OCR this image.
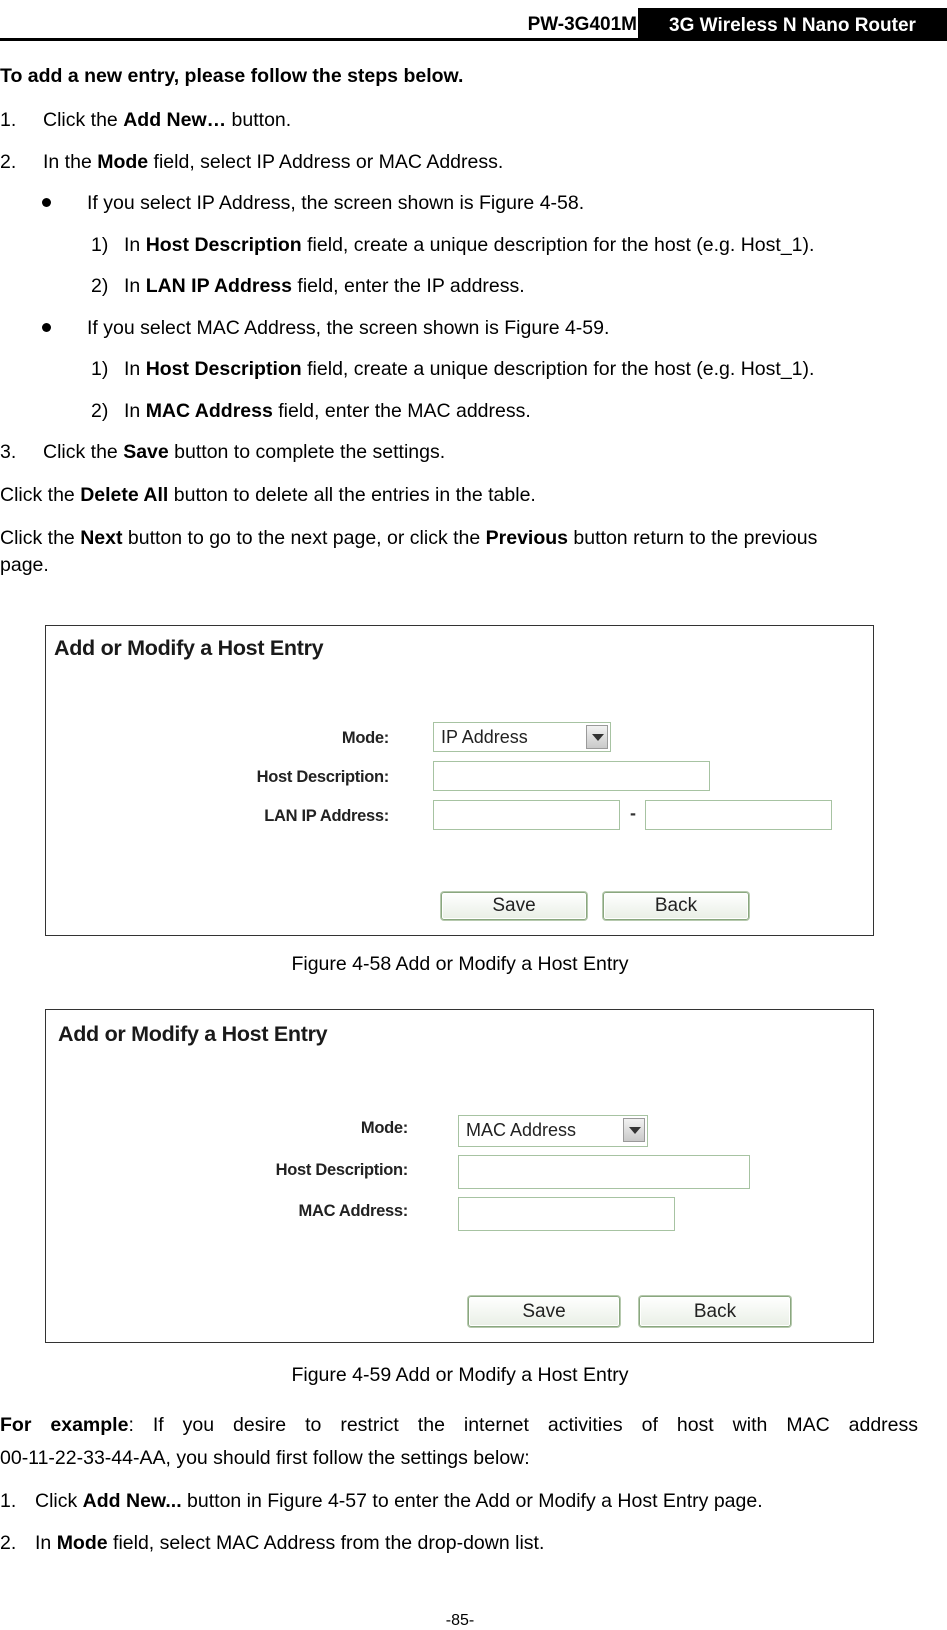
PW-3G401M	3G Wireless N Nano Router
To add a new entry, please follow the steps below.
1. Click the Add New… button.
2. In the Mode field, select IP Address or MAC Address.
If you select IP Address, the screen shown is Figure 4-58.
1) In Host Description field, create a unique description for the host (e.g. Host_1).
2) In LAN IP Address field, enter the IP address.
If you select MAC Address, the screen shown is Figure 4-59.
1) In Host Description field, create a unique description for the host (e.g. Host_1).
2) In MAC Address field, enter the MAC address.
3. Click the Save button to complete the settings.
Click the Delete All button to delete all the entries in the table.
Click the Next button to go to the next page, or click the Previous button return to the previous
page.
Add or Modify a Host Entry
Mode:	IP Address
Host Description:
LAN IP Address:	-
Save	Back
Figure 4-58 Add or Modify a Host Entry
Add or Modify a Host Entry
Mode:	MAC Address
Host Description:
MAC Address:
Save	Back
Figure 4-59 Add or Modify a Host Entry
For example: If you desire to restrict the internet activities of host with MAC address
00-11-22-33-44-AA, you should first follow the settings below:
1. Click Add New... button in Figure 4-57 to enter the Add or Modify a Host Entry page.
2. In Mode field, select MAC Address from the drop-down list.
-85-
